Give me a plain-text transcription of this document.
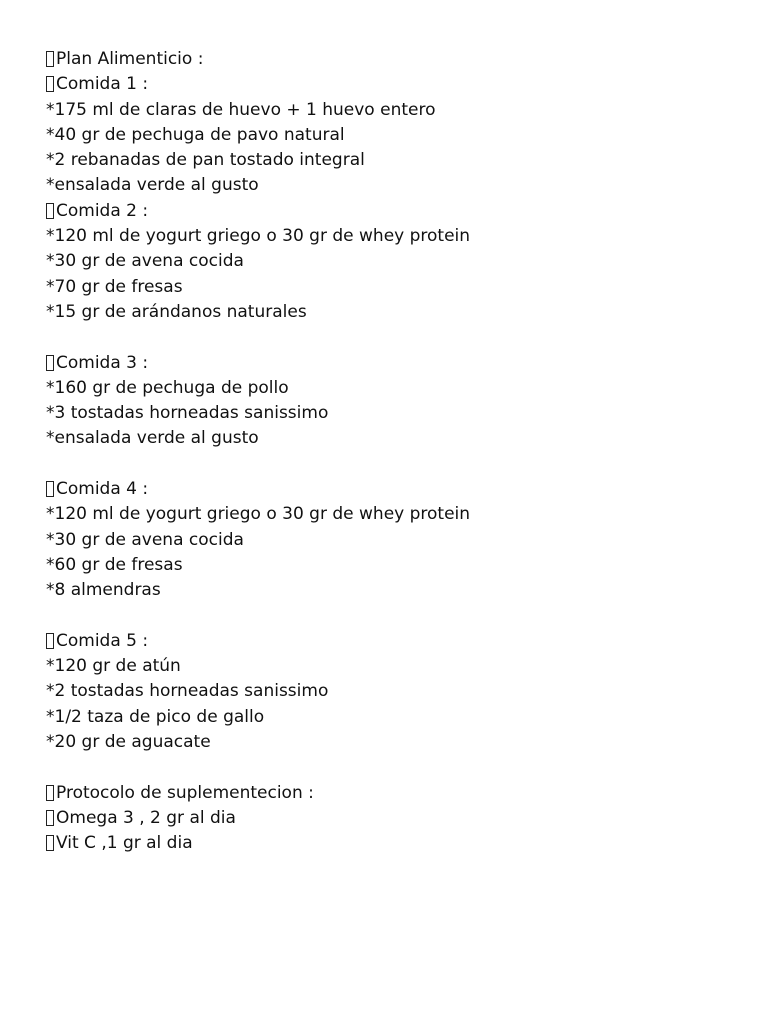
Plan Alimenticio :
Comida 1 :
*175 ml de claras de huevo + 1 huevo entero
*40 gr de pechuga de pavo natural
*2 rebanadas de pan tostado integral
*ensalada verde al gusto
Comida 2 :
*120 ml de yogurt griego o 30 gr de whey protein
*30 gr de avena cocida
*70 gr de fresas
*15 gr de arándanos naturales
Comida 3 :
*160 gr de pechuga de pollo
*3 tostadas horneadas sanissimo
*ensalada verde al gusto
Comida 4 :
*120 ml de yogurt griego o 30 gr de whey protein
*30 gr de avena cocida
*60 gr de fresas
*8 almendras
Comida 5 :
*120 gr de atún
*2 tostadas horneadas sanissimo
*1/2 taza de pico de gallo
*20 gr de aguacate
Protocolo de suplementecion :
Omega 3 , 2 gr al dia
Vit C ,1 gr al dia
